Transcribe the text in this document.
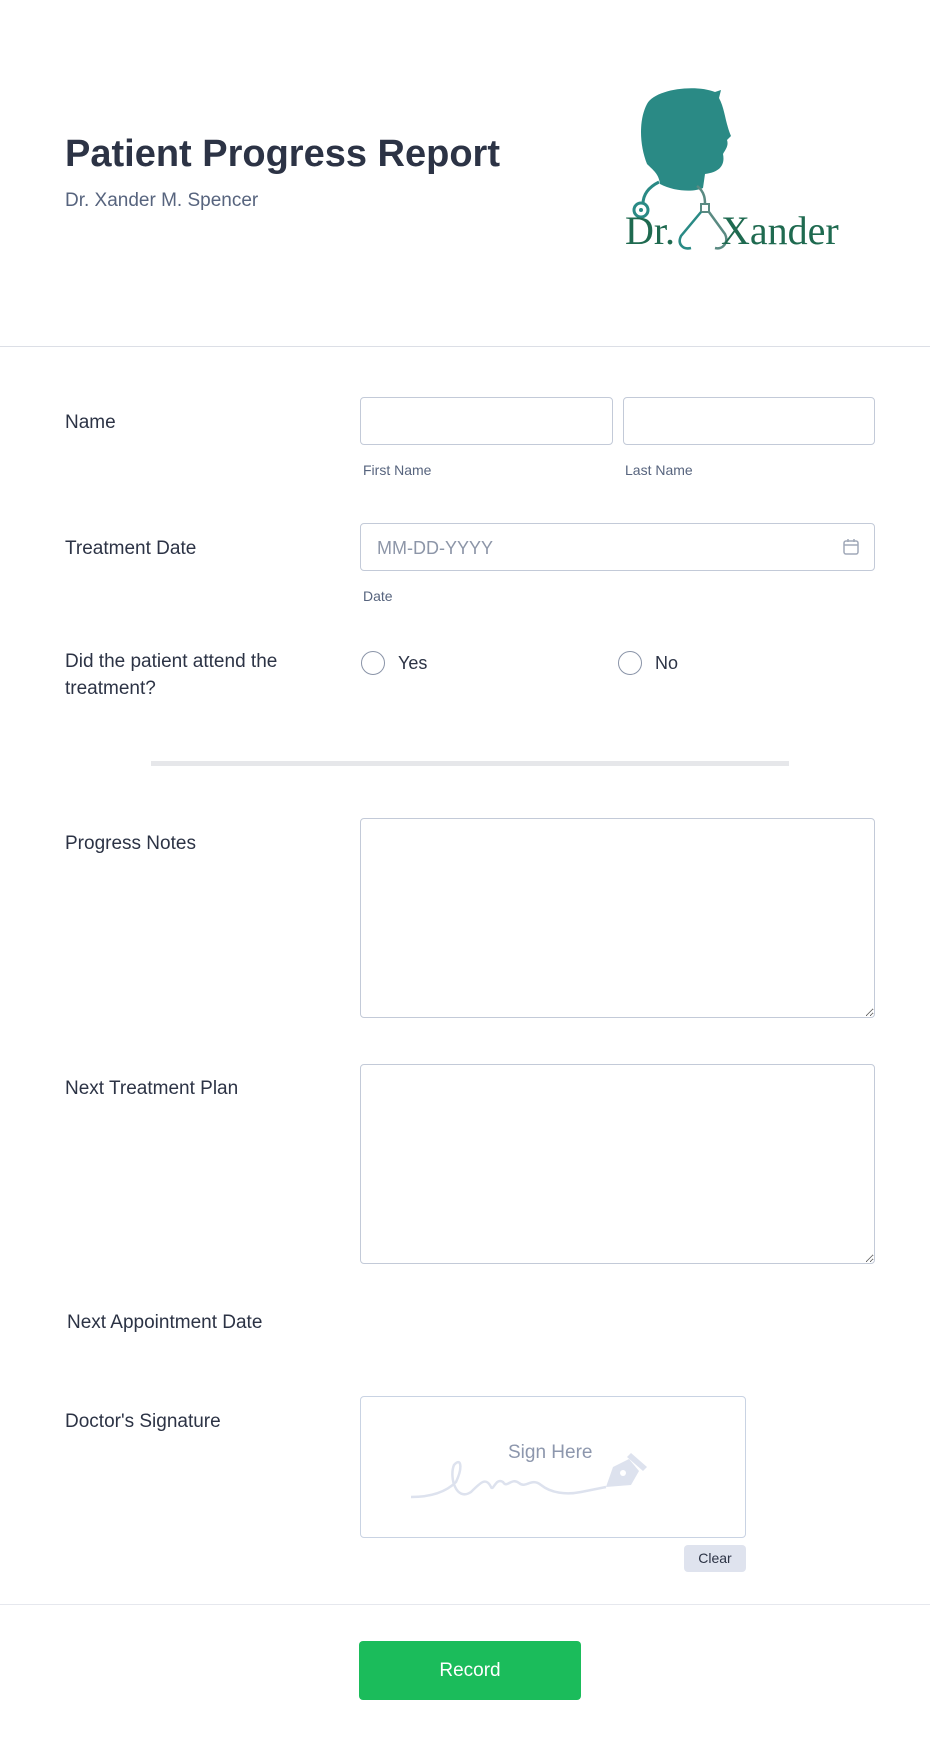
Patient Progress Report
Dr. Xander M. Spencer
Dr. Xander
Name
First Name	Last Name
Treatment Date	MM-DD-YYYY
Date
Did the patient attend the treatment?
Yes	No
Progress Notes
Next Treatment Plan
Next Appointment Date
Doctor's Signature
Sign Here
Clear
Record
